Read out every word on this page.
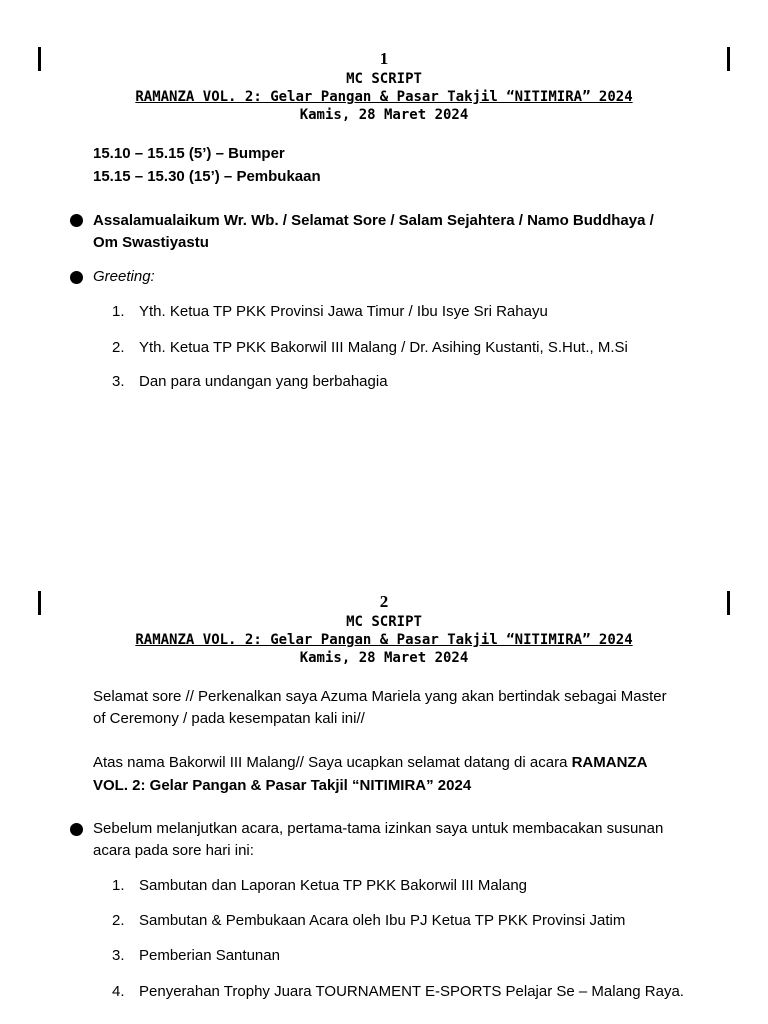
1
MC SCRIPT
RAMANZA VOL. 2: Gelar Pangan & Pasar Takjil “NITIMIRA” 2024
Kamis, 28 Maret 2024
15.10 – 15.15 (5’) – Bumper
15.15 – 15.30 (15’) – Pembukaan
Assalamualaikum Wr. Wb. / Selamat Sore / Salam Sejahtera / Namo Buddhaya /
Om Swastiyastu
Greeting:
1. Yth. Ketua TP PKK Provinsi Jawa Timur / Ibu Isye Sri Rahayu
2. Yth. Ketua TP PKK Bakorwil III Malang / Dr. Asihing Kustanti, S.Hut., M.Si
3. Dan para undangan yang berbahagia
2
MC SCRIPT
RAMANZA VOL. 2: Gelar Pangan & Pasar Takjil “NITIMIRA” 2024
Kamis, 28 Maret 2024
Selamat sore // Perkenalkan saya Azuma Mariela yang akan bertindak sebagai Master
of Ceremony / pada kesempatan kali ini//
Atas nama Bakorwil III Malang// Saya ucapkan selamat datang di acara RAMANZA
VOL. 2: Gelar Pangan & Pasar Takjil “NITIMIRA” 2024
Sebelum melanjutkan acara, pertama-tama izinkan saya untuk membacakan susunan
acara pada sore hari ini:
1. Sambutan dan Laporan Ketua TP PKK Bakorwil III Malang
2. Sambutan & Pembukaan Acara oleh Ibu PJ Ketua TP PKK Provinsi Jatim
3. Pemberian Santunan
4. Penyerahan Trophy Juara TOURNAMENT E-SPORTS Pelajar Se – Malang Raya.
